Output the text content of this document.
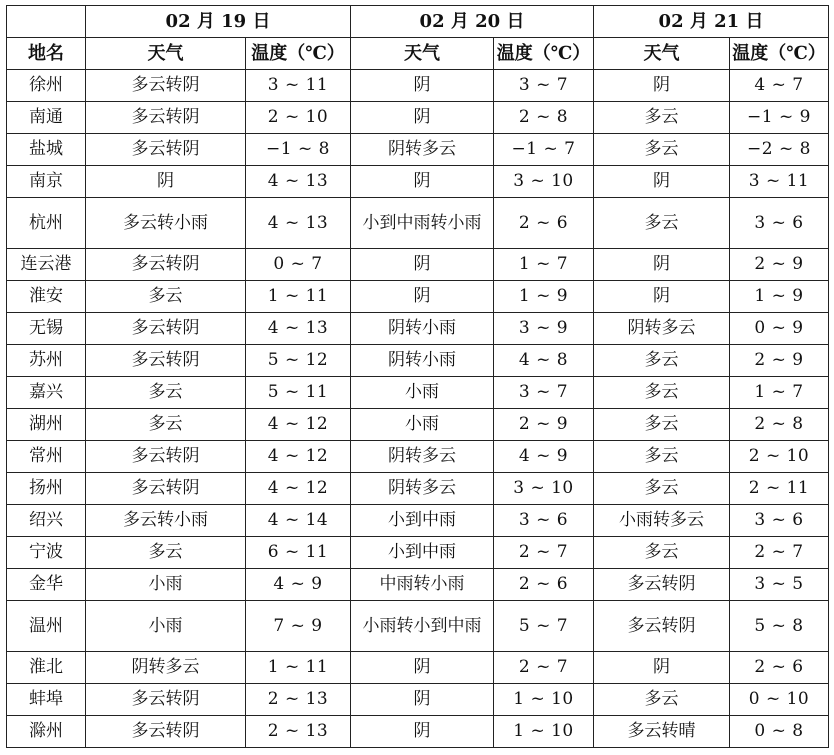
	02 月 19 日		02 月 20 日		02 月 21 日	
地名	天气	温度（℃）	天气	温度（℃）	天气	温度（℃）
徐州	多云转阴	3 ~ 11	阴	3 ~ 7	阴	4 ~ 7
南通	多云转阴	2 ~ 10	阴	2 ~ 8	多云	−1 ~ 9
盐城	多云转阴	−1 ~ 8	阴转多云	−1 ~ 7	多云	−2 ~ 8
南京	阴	4 ~ 13	阴	3 ~ 10	阴	3 ~ 11
杭州	多云转小雨	4 ~ 13	小到中雨转小雨	2 ~ 6	多云	3 ~ 6
连云港	多云转阴	0 ~ 7	阴	1 ~ 7	阴	2 ~ 9
淮安	多云	1 ~ 11	阴	1 ~ 9	阴	1 ~ 9
无锡	多云转阴	4 ~ 13	阴转小雨	3 ~ 9	阴转多云	0 ~ 9
苏州	多云转阴	5 ~ 12	阴转小雨	4 ~ 8	多云	2 ~ 9
嘉兴	多云	5 ~ 11	小雨	3 ~ 7	多云	1 ~ 7
湖州	多云	4 ~ 12	小雨	2 ~ 9	多云	2 ~ 8
常州	多云转阴	4 ~ 12	阴转多云	4 ~ 9	多云	2 ~ 10
扬州	多云转阴	4 ~ 12	阴转多云	3 ~ 10	多云	2 ~ 11
绍兴	多云转小雨	4 ~ 14	小到中雨	3 ~ 6	小雨转多云	3 ~ 6
宁波	多云	6 ~ 11	小到中雨	2 ~ 7	多云	2 ~ 7
金华	小雨	4 ~ 9	中雨转小雨	2 ~ 6	多云转阴	3 ~ 5
温州	小雨	7 ~ 9	小雨转小到中雨	5 ~ 7	多云转阴	5 ~ 8
淮北	阴转多云	1 ~ 11	阴	2 ~ 7	阴	2 ~ 6
蚌埠	多云转阴	2 ~ 13	阴	1 ~ 10	多云	0 ~ 10
滁州	多云转阴	2 ~ 13	阴	1 ~ 10	多云转晴	0 ~ 8
